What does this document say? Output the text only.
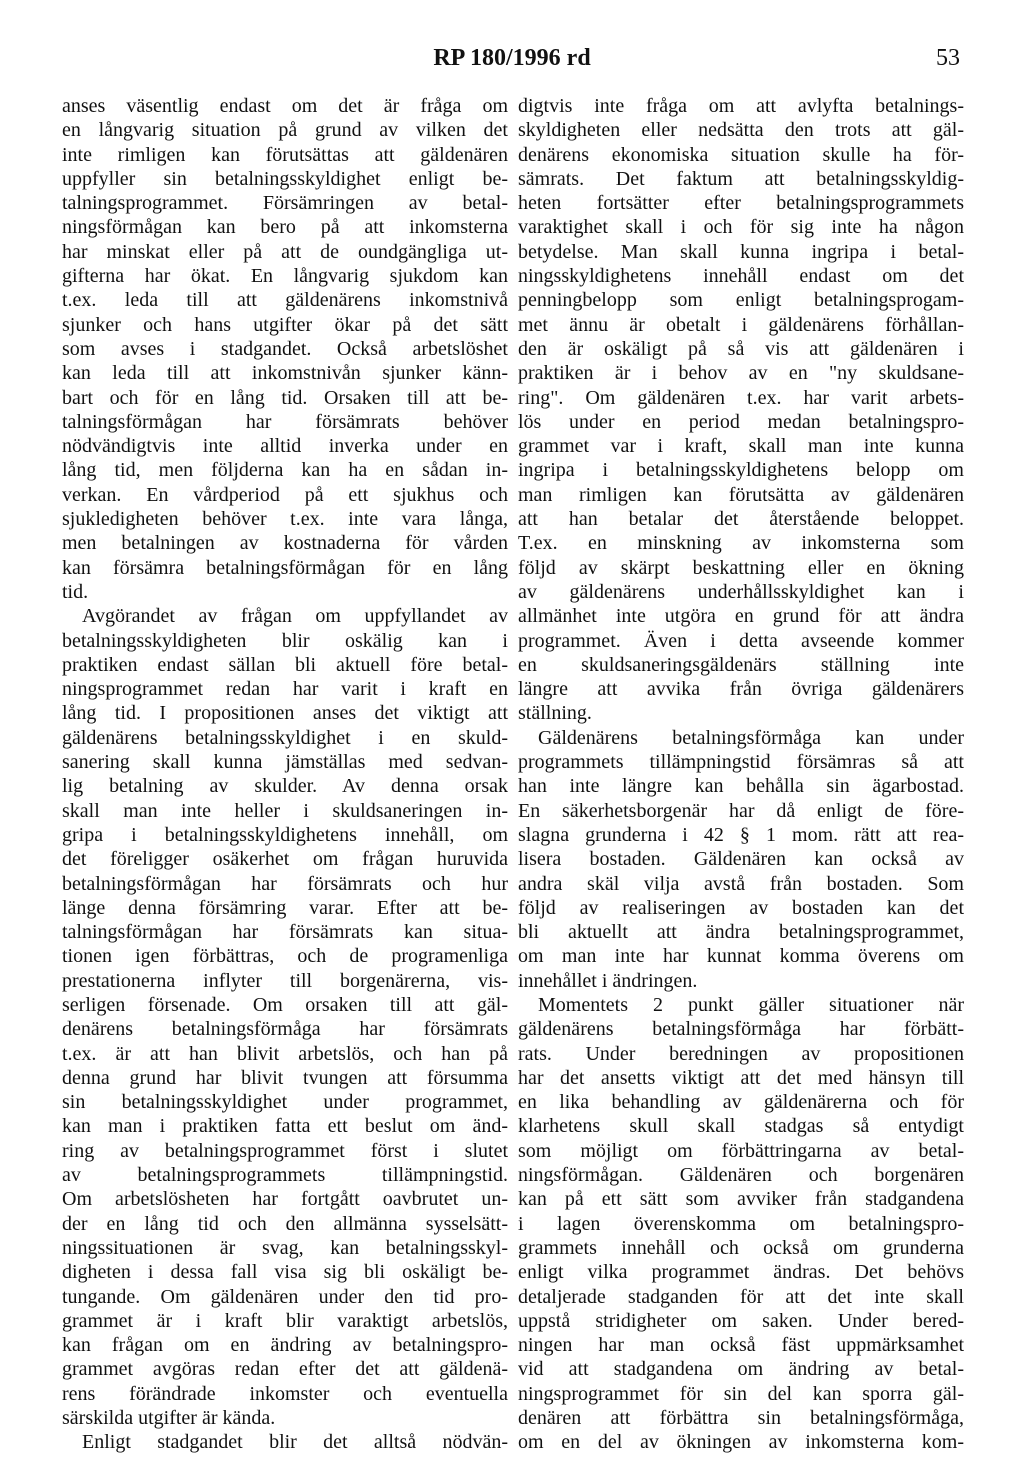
RP 180/1996 rd	53
anses väsentlig endast om det är fråga om
en långvarig situation på grund av vilken det
inte rimligen kan förutsättas att gäldenären
uppfyller sin betalningsskyldighet enligt be-
talningsprogrammet. Försämringen av betal-
ningsförmågan kan bero på att inkomsterna
har minskat eller på att de oundgängliga ut-
gifterna har ökat. En långvarig sjukdom kan
t.ex. leda till att gäldenärens inkomstnivå
sjunker och hans utgifter ökar på det sätt
som avses i stadgandet. Också arbetslöshet
kan leda till att inkomstnivån sjunker känn-
bart och för en lång tid. Orsaken till att be-
talningsförmågan har försämrats behöver
nödvändigtvis inte alltid inverka under en
lång tid, men följderna kan ha en sådan in-
verkan. En vårdperiod på ett sjukhus och
sjukledigheten behöver t.ex. inte vara långa,
men betalningen av kostnaderna för vården
kan försämra betalningsförmågan för en lång
tid.
Avgörandet av frågan om uppfyllandet av
betalningsskyldigheten blir oskälig kan i
praktiken endast sällan bli aktuell före betal-
ningsprogrammet redan har varit i kraft en
lång tid. I propositionen anses det viktigt att
gäldenärens betalningsskyldighet i en skuld-
sanering skall kunna jämställas med sedvan-
lig betalning av skulder. Av denna orsak
skall man inte heller i skuldsaneringen in-
gripa i betalningsskyldighetens innehåll, om
det föreligger osäkerhet om frågan huruvida
betalningsförmågan har försämrats och hur
länge denna försämring varar. Efter att be-
talningsförmågan har försämrats kan situa-
tionen igen förbättras, och de programenliga
prestationerna inflyter till borgenärerna, vis-
serligen försenade. Om orsaken till att gäl-
denärens betalningsförmåga har försämrats
t.ex. är att han blivit arbetslös, och han på
denna grund har blivit tvungen att försumma
sin betalningsskyldighet under programmet,
kan man i praktiken fatta ett beslut om änd-
ring av betalningsprogrammet först i slutet
av betalningsprogrammets tillämpningstid.
Om arbetslösheten har fortgått oavbrutet un-
der en lång tid och den allmänna sysselsätt-
ningssituationen är svag, kan betalningsskyl-
digheten i dessa fall visa sig bli oskäligt be-
tungande. Om gäldenären under den tid pro-
grammet är i kraft blir varaktigt arbetslös,
kan frågan om en ändring av betalningspro-
grammet avgöras redan efter det att gäldenä-
rens förändrade inkomster och eventuella
särskilda utgifter är kända.
Enligt stadgandet blir det alltså nödvän-
digtvis inte fråga om att avlyfta betalnings-
skyldigheten eller nedsätta den trots att gäl-
denärens ekonomiska situation skulle ha för-
sämrats. Det faktum att betalningsskyldig-
heten fortsätter efter betalningsprogrammets
varaktighet skall i och för sig inte ha någon
betydelse. Man skall kunna ingripa i betal-
ningsskyldighetens innehåll endast om det
penningbelopp som enligt betalningsprogam-
met ännu är obetalt i gäldenärens förhållan-
den är oskäligt på så vis att gäldenären i
praktiken är i behov av en "ny skuldsane-
ring". Om gäldenären t.ex. har varit arbets-
lös under en period medan betalningspro-
grammet var i kraft, skall man inte kunna
ingripa i betalningsskyldighetens belopp om
man rimligen kan förutsätta av gäldenären
att han betalar det återstående beloppet.
T.ex. en minskning av inkomsterna som
följd av skärpt beskattning eller en ökning
av gäldenärens underhållsskyldighet kan i
allmänhet inte utgöra en grund för att ändra
programmet. Även i detta avseende kommer
en skuldsaneringsgäldenärs ställning inte
längre att avvika från övriga gäldenärers
ställning.
Gäldenärens betalningsförmåga kan under
programmets tillämpningstid försämras så att
han inte längre kan behålla sin ägarbostad.
En säkerhetsborgenär har då enligt de före-
slagna grunderna i 42 § 1 mom. rätt att rea-
lisera bostaden. Gäldenären kan också av
andra skäl vilja avstå från bostaden. Som
följd av realiseringen av bostaden kan det
bli aktuellt att ändra betalningsprogrammet,
om man inte har kunnat komma överens om
innehållet i ändringen.
Momentets 2 punkt gäller situationer när
gäldenärens betalningsförmåga har förbätt-
rats. Under beredningen av propositionen
har det ansetts viktigt att det med hänsyn till
en lika behandling av gäldenärerna och för
klarhetens skull skall stadgas så entydigt
som möjligt om förbättringarna av betal-
ningsförmågan. Gäldenären och borgenären
kan på ett sätt som avviker från stadgandena
i lagen överenskomma om betalningspro-
grammets innehåll och också om grunderna
enligt vilka programmet ändras. Det behövs
detaljerade stadganden för att det inte skall
uppstå stridigheter om saken. Under bered-
ningen har man också fäst uppmärksamhet
vid att stadgandena om ändring av betal-
ningsprogrammet för sin del kan sporra gäl-
denären att förbättra sin betalningsförmåga,
om en del av ökningen av inkomsterna kom-
